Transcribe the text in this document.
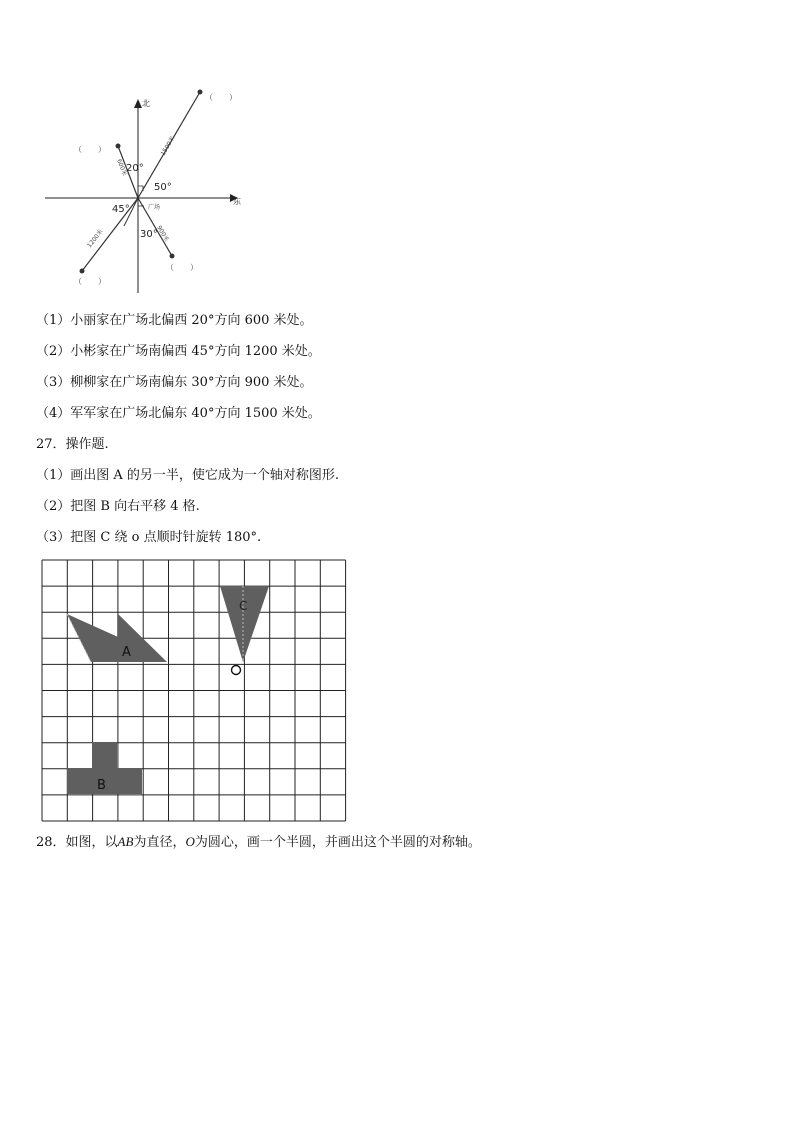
北
东
（　　）
（　　）
（　　）
（　　）
20°
50°
45°
30°
广场
1500米
600米
1200米	900米
（1）小丽家在广场北偏西 20°方向 600 米处。
（2）小彬家在广场南偏西 45°方向 1200 米处。
（3）柳柳家在广场南偏东 30°方向 900 米处。
（4）军军家在广场北偏东 40°方向 1500 米处。
27．操作题.
（1）画出图 A 的另一半，使它成为一个轴对称图形.
（2）把图 B 向右平移 4 格.
（3）把图 C 绕 o 点顺时针旋转 180°.
A
B
C
28．如图，以AB为直径，O为圆心，画一个半圆，并画出这个半圆的对称轴。
